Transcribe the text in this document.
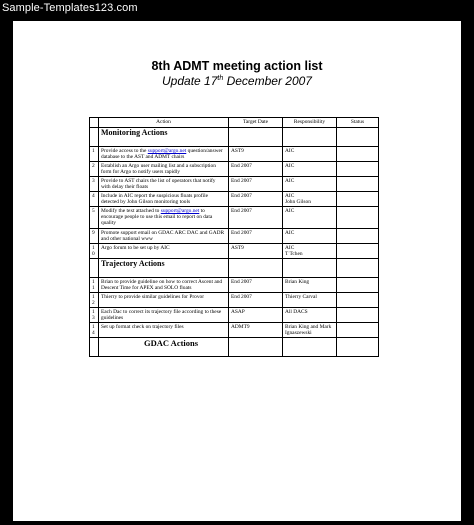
Sample-Templates123.com
8th ADMT meeting action list
Update 17th December 2007
	Action	Target Date	Responsibility	Status
	Monitoring Actions			
1	Provide access to the support@argo.net question/answer database to the AST and ADMT chairs	AST9	AIC	

2	Establish an Argo user mailing list and a subscription form for Argo to notify users rapidly	End 2007	AIC	

3	Provide to AST chairs the list of operators that notify with delay their floats	End 2007	AIC	

4	Include in AIC report the suspicious floats profile detected by John Gilson monitoring tools	End 2007	AIC
John Gilson	

5	Modify the text attached to support@argo.net to encourage people to use this email to report on data quality	End 2007	AIC	

9	Promote support email on GDAC ARC DAC and GADR and other national www	End 2007	AIC	

10	Argo forum to be set up by AIC	AST9	AIC
T Tchen	

	Trajectory Actions			
11	Brian to provide guideline on how to correct Ascent and Descent Time for APEX and SOLO floats	End 2007	Brian King	

12	Thierry to provide similar guidelines for Provor	End 2007	Thierry Carval	

13	Each Dac to correct its trajectory file according to these guidelines	ASAP	All DACS	

14	Set up format check on trajectory files	ADMT9	Brian King and Mark
Ignaszewski	

	GDAC Actions			
